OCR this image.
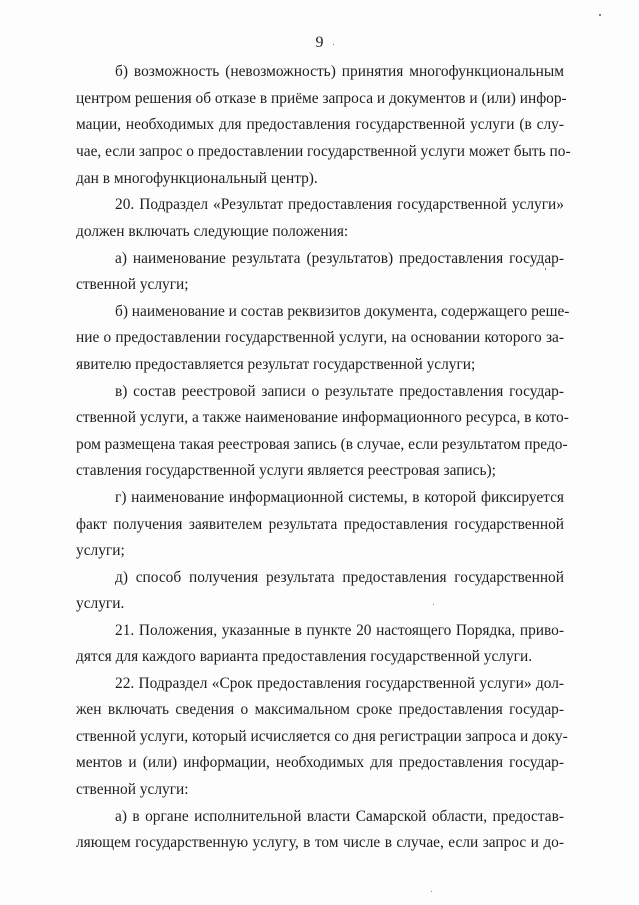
9
б) возможность (невозможность) принятия многофункциональным
центром решения об отказе в приёме запроса и документов и (или) инфор-
мации, необходимых для предоставления государственной услуги (в слу-
чае, если запрос о предоставлении государственной услуги может быть по-
дан в многофункциональный центр).
20. Подраздел «Результат предоставления государственной услуги»
должен включать следующие положения:
а) наименование результата (результатов) предоставления государ-
ственной услуги;
б) наименование и состав реквизитов документа, содержащего реше-
ние о предоставлении государственной услуги, на основании которого за-
явителю предоставляется результат государственной услуги;
в) состав реестровой записи о результате предоставления государ-
ственной услуги, а также наименование информационного ресурса, в кото-
ром размещена такая реестровая запись (в случае, если результатом предо-
ставления государственной услуги является реестровая запись);
г) наименование информационной системы, в которой фиксируется
факт получения заявителем результата предоставления государственной
услуги;
д) способ получения результата предоставления государственной
услуги.
21. Положения, указанные в пункте 20 настоящего Порядка, приво-
дятся для каждого варианта предоставления государственной услуги.
22. Подраздел «Срок предоставления государственной услуги» дол-
жен включать сведения о максимальном сроке предоставления государ-
ственной услуги, который исчисляется со дня регистрации запроса и доку-
ментов и (или) информации, необходимых для предоставления государ-
ственной услуги:
а) в органе исполнительной власти Самарской области, предостав-
ляющем государственную услугу, в том числе в случае, если запрос и до-
